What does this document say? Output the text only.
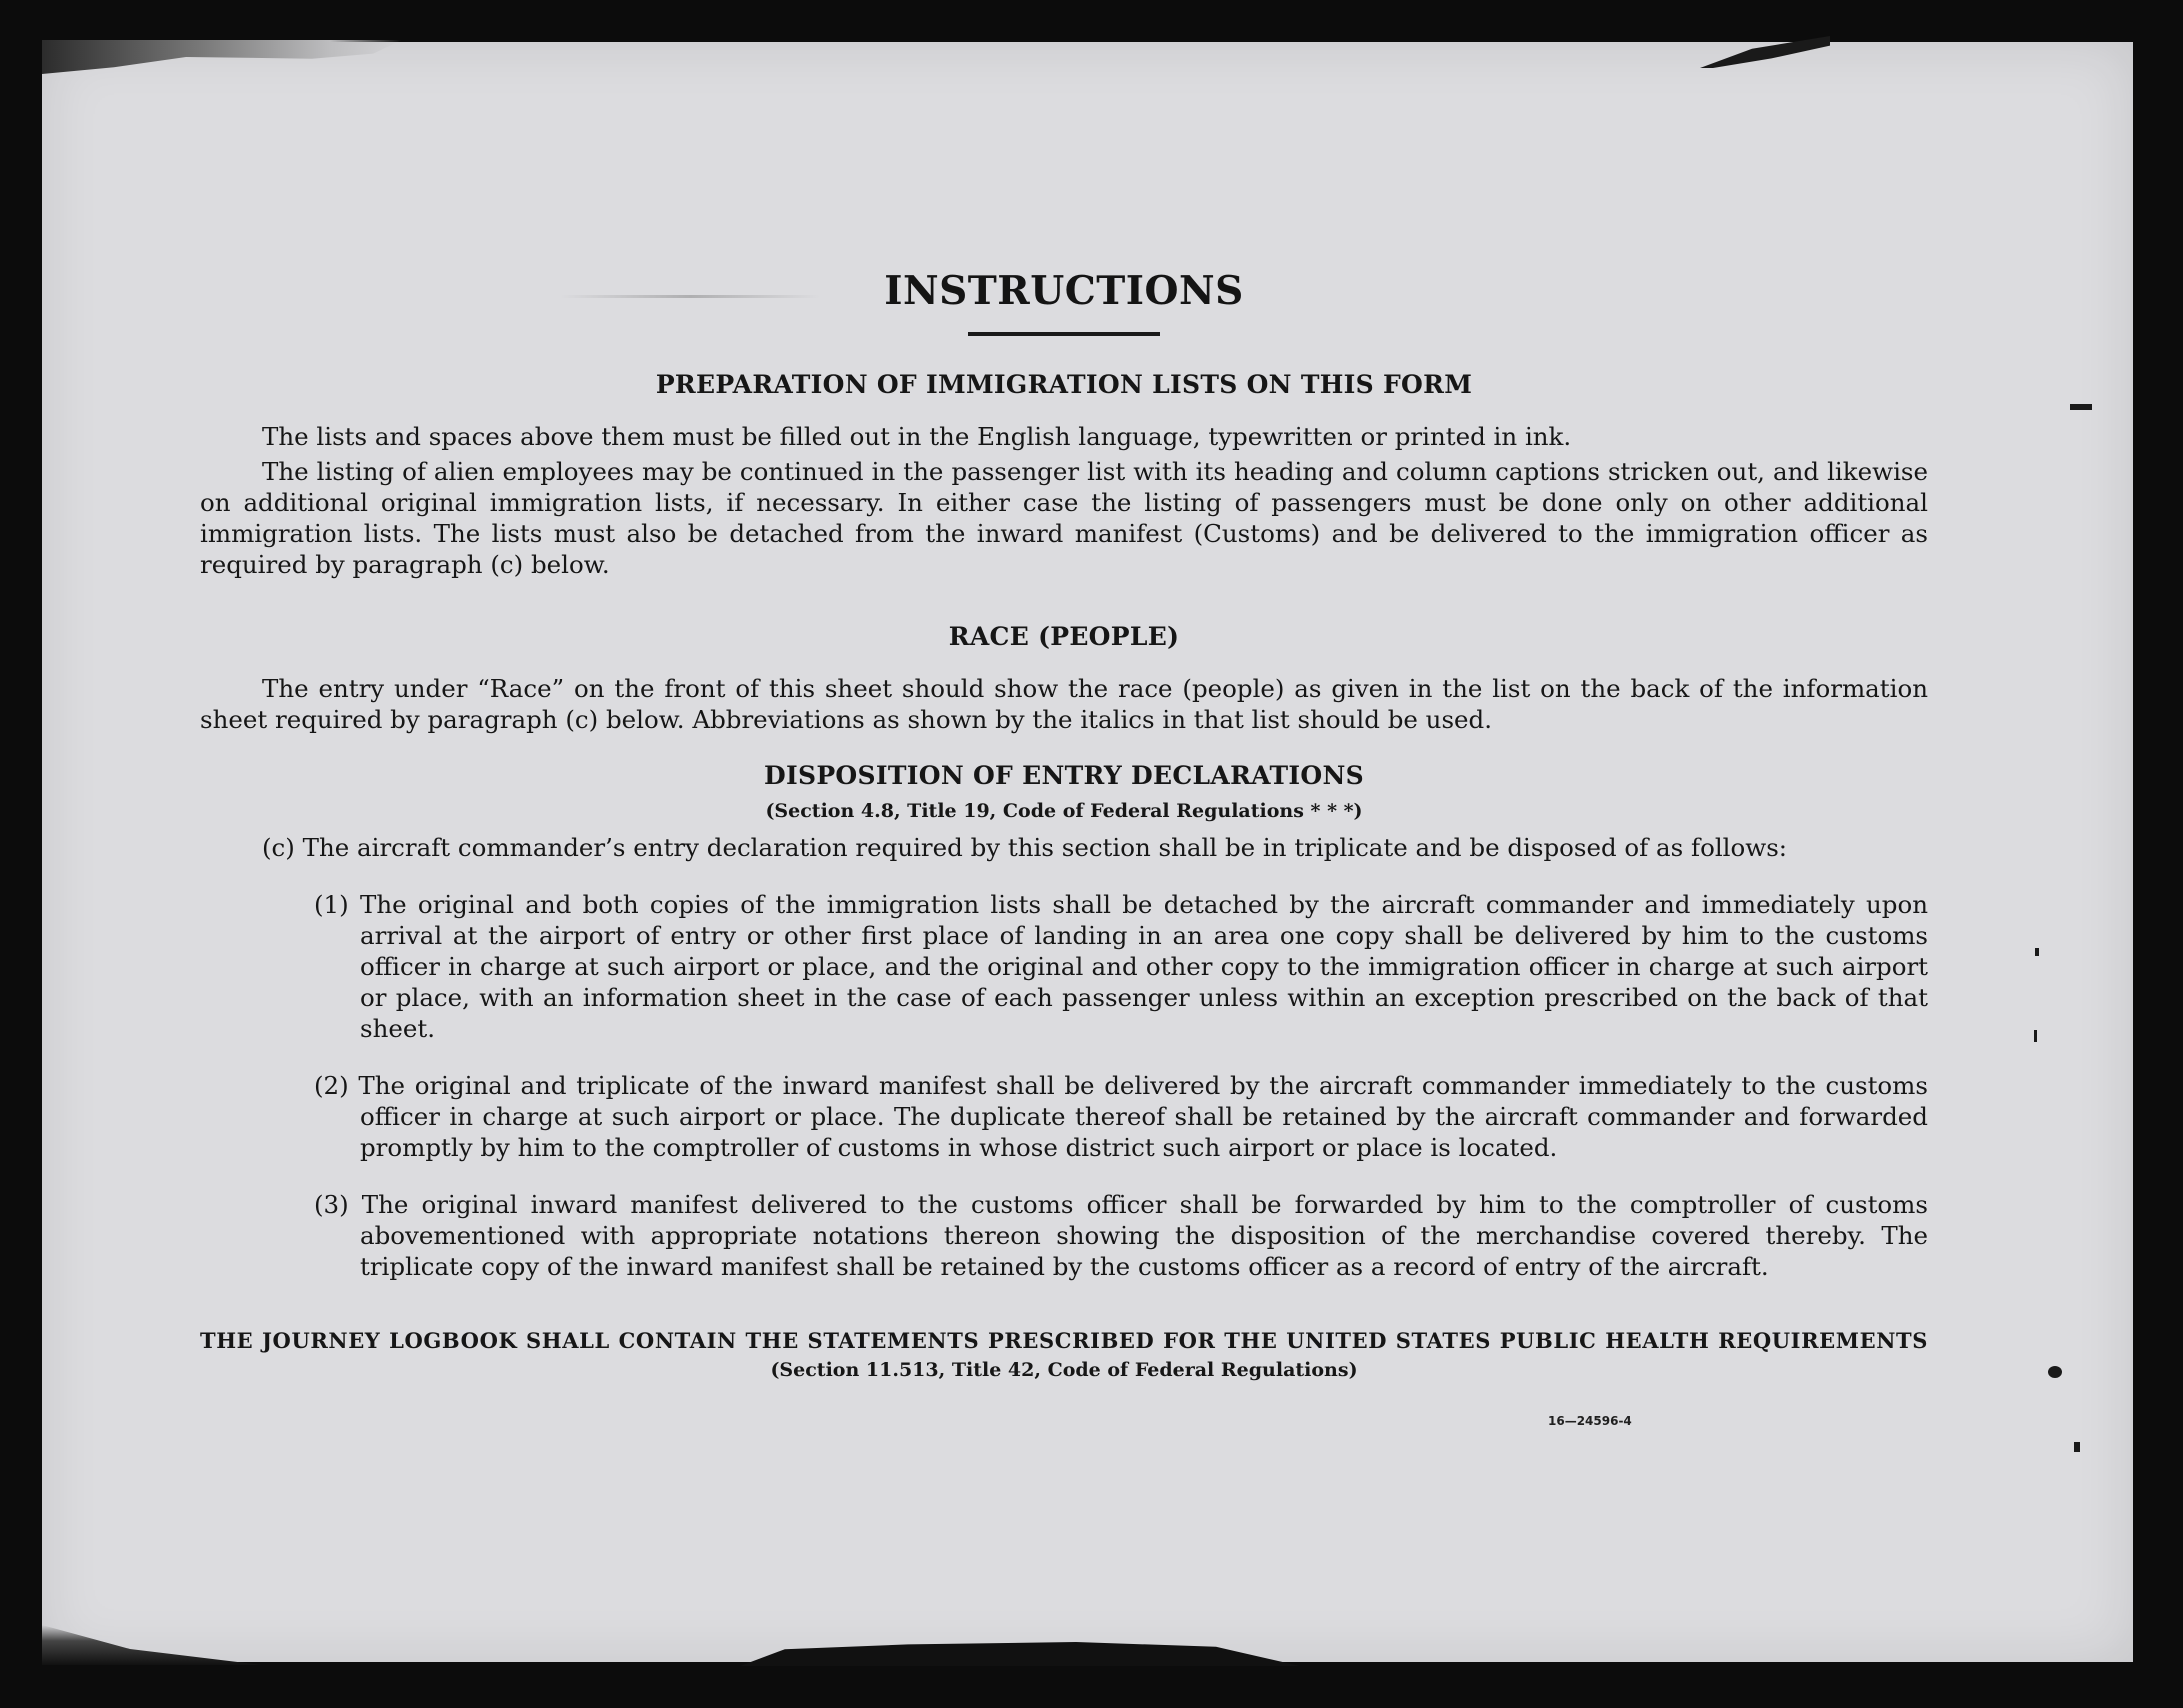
INSTRUCTIONS
PREPARATION OF IMMIGRATION LISTS ON THIS FORM

The lists and spaces above them must be filled out in the English language, typewritten or printed in ink.

The listing of alien employees may be continued in the passenger list with its heading and column captions stricken out, and likewise on additional original immigration lists, if necessary. In either case the listing of passengers must be done only on other additional immigration lists. The lists must also be detached from the inward manifest (Customs) and be delivered to the immigration officer as required by paragraph (c) below.

RACE (PEOPLE)

The entry under “Race” on the front of this sheet should show the race (people) as given in the list on the back of the information sheet required by paragraph (c) below. Abbreviations as shown by the italics in that list should be used.

DISPOSITION OF ENTRY DECLARATIONS
(Section 4.8, Title 19, Code of Federal Regulations * * *)

(c) The aircraft commander’s entry declaration required by this section shall be in triplicate and be disposed of as follows:

(1) The original and both copies of the immigration lists shall be detached by the aircraft commander and immediately upon arrival at the airport of entry or other first place of landing in an area one copy shall be delivered by him to the customs officer in charge at such airport or place, and the original and other copy to the immigration officer in charge at such airport or place, with an information sheet in the case of each passenger unless within an exception prescribed on the back of that sheet.
(2) The original and triplicate of the inward manifest shall be delivered by the aircraft commander immediately to the customs officer in charge at such airport or place. The duplicate thereof shall be retained by the aircraft commander and forwarded promptly by him to the comptroller of customs in whose district such airport or place is located.
(3) The original inward manifest delivered to the customs officer shall be forwarded by him to the comptroller of customs abovementioned with appropriate notations thereon showing the disposition of the merchandise covered thereby. The triplicate copy of the inward manifest shall be retained by the customs officer as a record of entry of the aircraft.
THE JOURNEY LOGBOOK SHALL CONTAIN THE STATEMENTS PRESCRIBED FOR THE UNITED STATES PUBLIC HEALTH REQUIREMENTS
(Section 11.513, Title 42, Code of Federal Regulations)
16—24596-4
